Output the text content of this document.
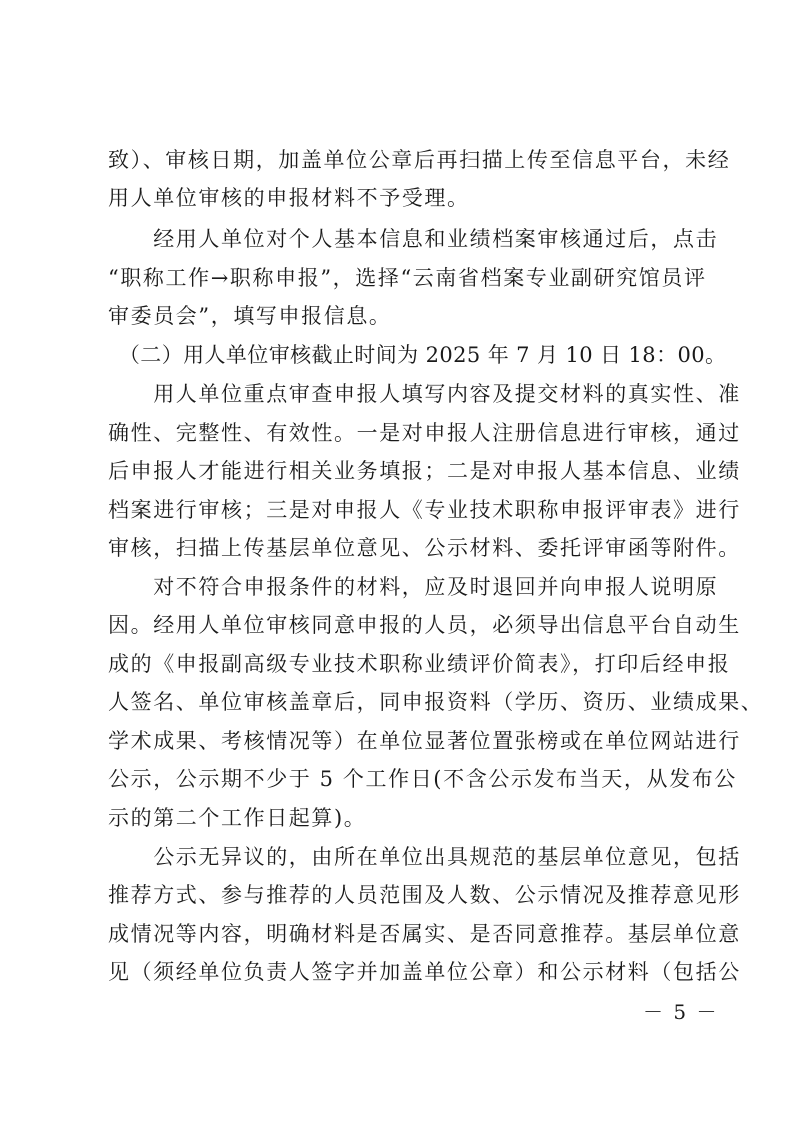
致）、审核日期，加盖单位公章后再扫描上传至信息平台，未经
用人单位审核的申报材料不予受理。
　　经用人单位对个人基本信息和业绩档案审核通过后，点击
“职称工作→职称申报”，选择“云南省档案专业副研究馆员评
审委员会”，填写申报信息。
　（二）用人单位审核截止时间为 2025 年 7 月 10 日 18：00。
　　用人单位重点审查申报人填写内容及提交材料的真实性、准
确性、完整性、有效性。一是对申报人注册信息进行审核，通过
后申报人才能进行相关业务填报；二是对申报人基本信息、业绩
档案进行审核；三是对申报人《专业技术职称申报评审表》进行
审核，扫描上传基层单位意见、公示材料、委托评审函等附件。
　　对不符合申报条件的材料，应及时退回并向申报人说明原
因。经用人单位审核同意申报的人员，必须导出信息平台自动生
成的《申报副高级专业技术职称业绩评价简表》，打印后经申报
人签名、单位审核盖章后，同申报资料（学历、资历、业绩成果、
学术成果、考核情况等）在单位显著位置张榜或在单位网站进行
公示，公示期不少于 5 个工作日(不含公示发布当天，从发布公
示的第二个工作日起算)。
　　公示无异议的，由所在单位出具规范的基层单位意见，包括
推荐方式、参与推荐的人员范围及人数、公示情况及推荐意见形
成情况等内容，明确材料是否属实、是否同意推荐。基层单位意
见（须经单位负责人签字并加盖单位公章）和公示材料（包括公
－ 5 －
